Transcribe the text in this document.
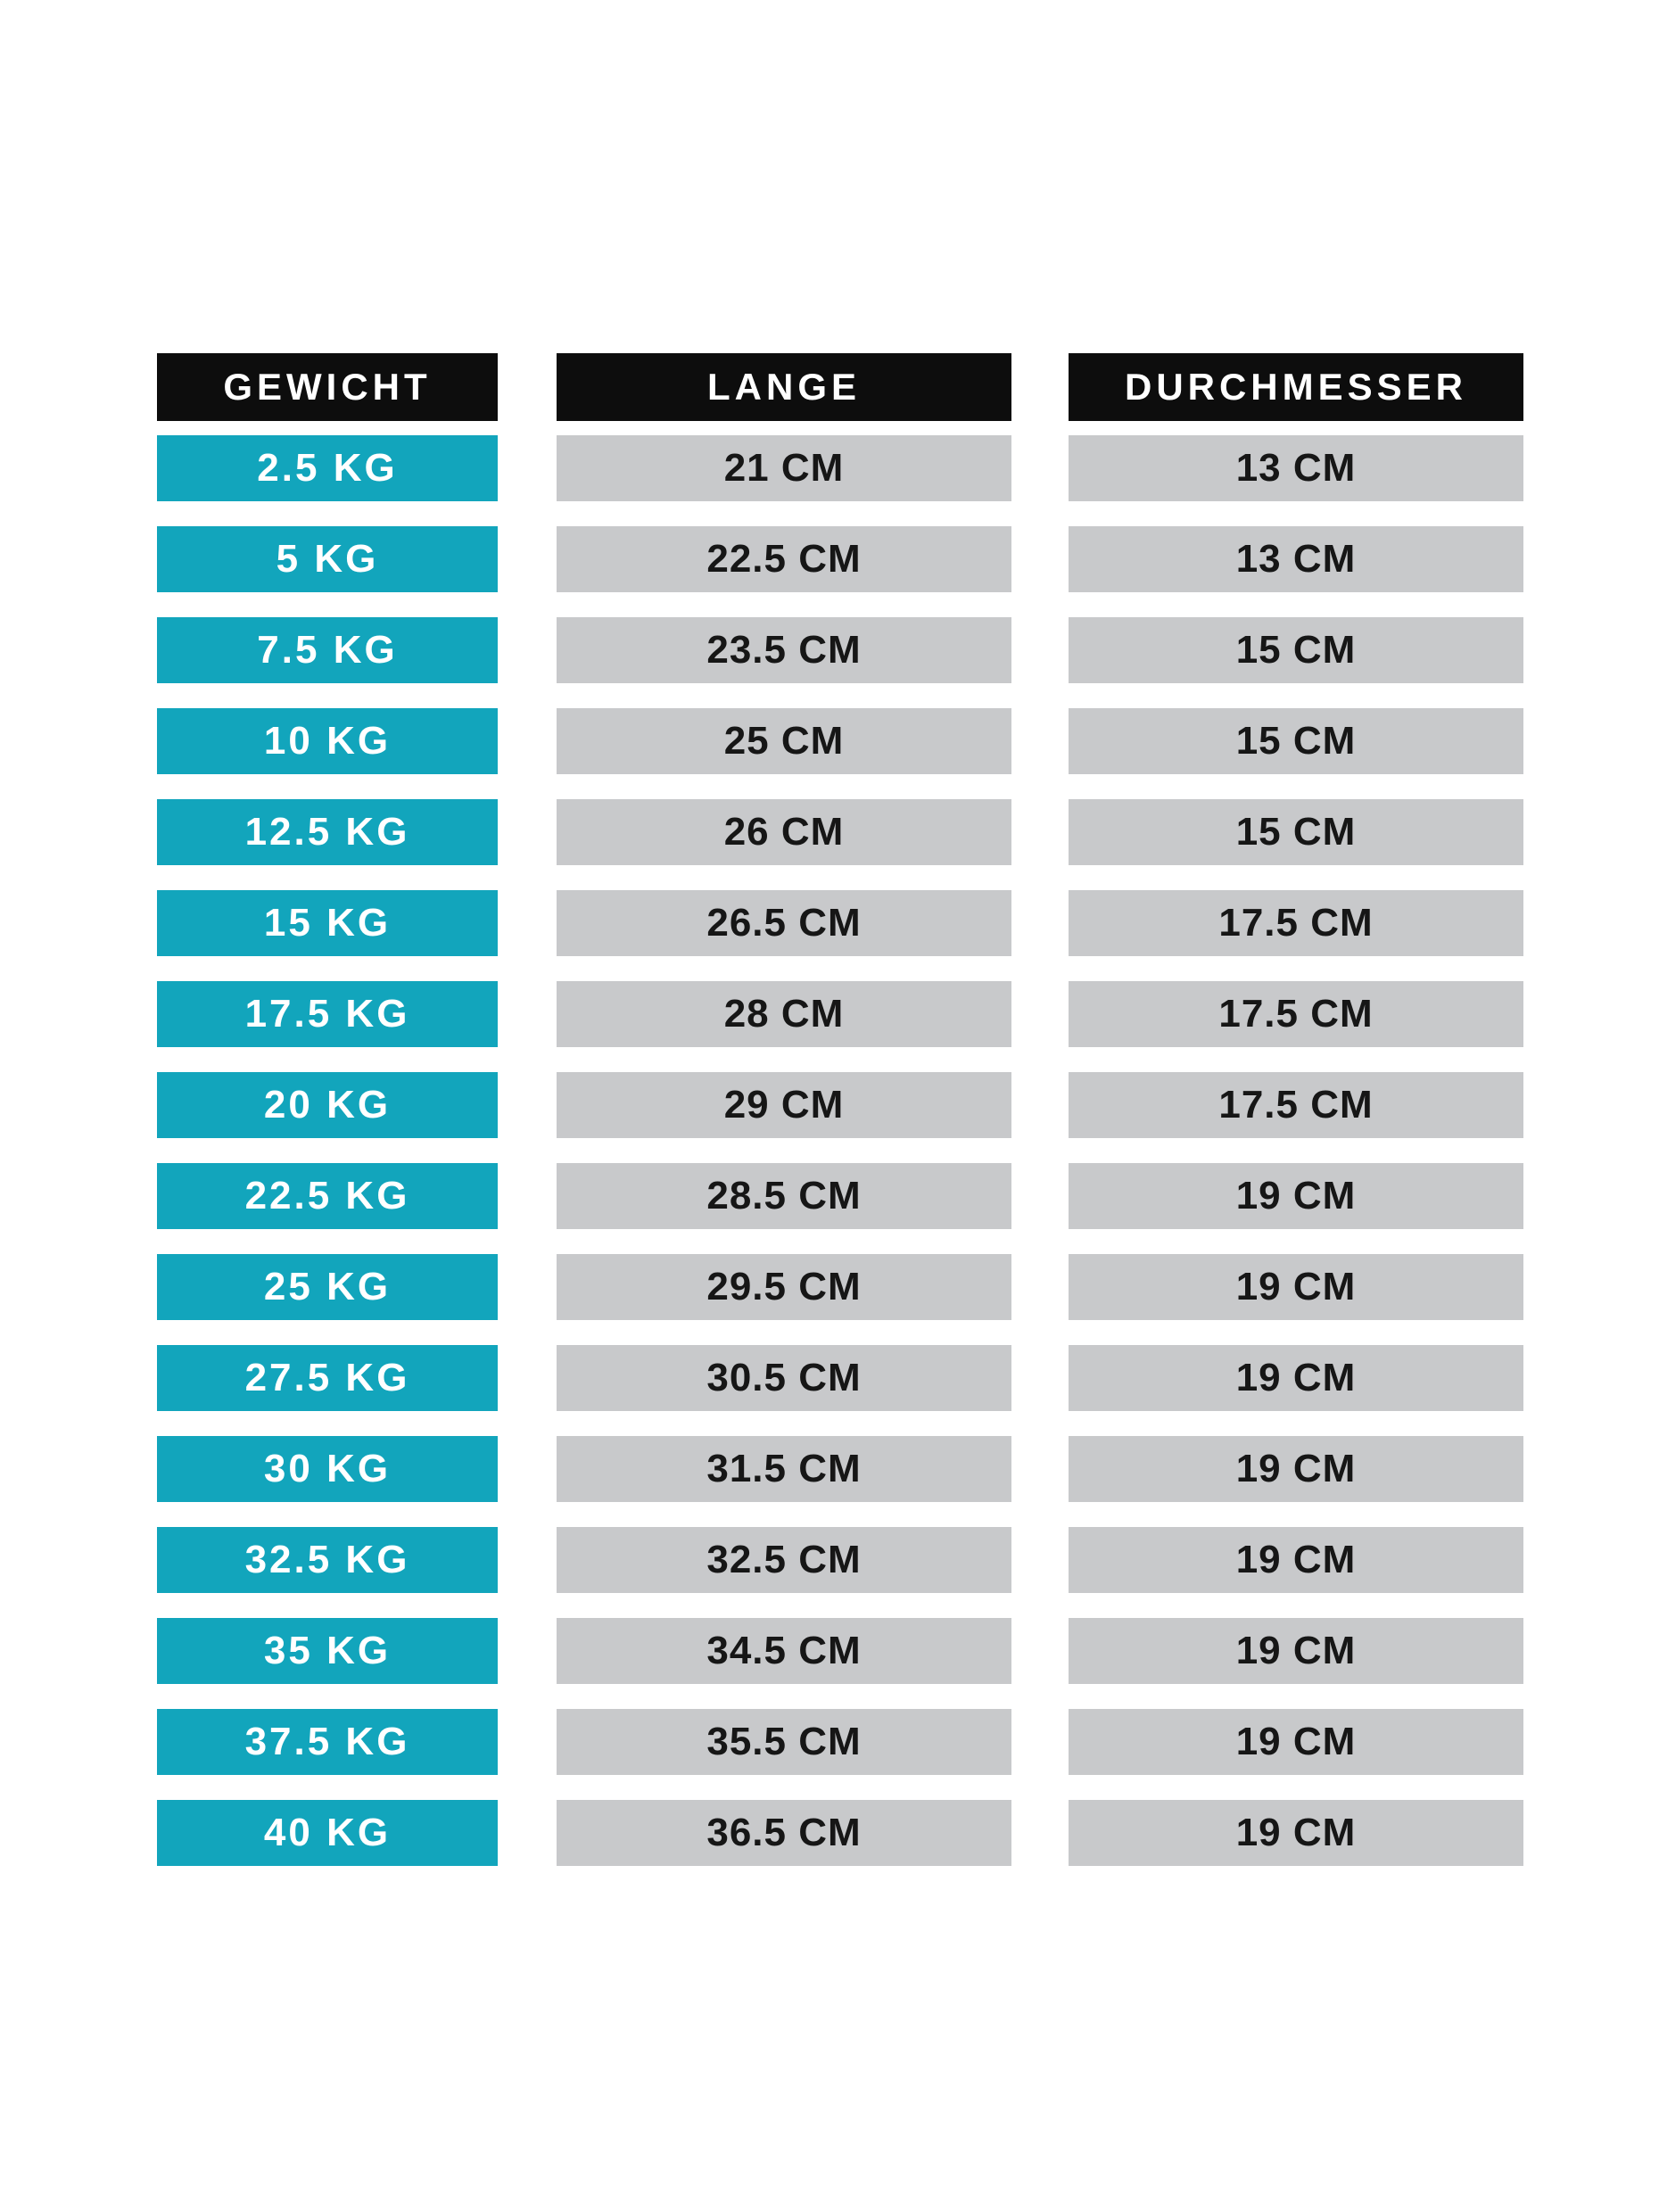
GEWICHT
2.5 KG
5 KG
7.5 KG
10 KG
12.5 KG
15 KG
17.5 KG
20 KG
22.5 KG
25 KG
27.5 KG
30 KG
32.5 KG
35 KG
37.5 KG
40 KG
LANGE
21 CM
22.5 CM
23.5 CM
25 CM
26 CM
26.5 CM
28 CM
29 CM
28.5 CM
29.5 CM
30.5 CM
31.5 CM
32.5 CM
34.5 CM
35.5 CM
36.5 CM
DURCHMESSER
13 CM
13 CM
15 CM
15 CM
15 CM
17.5 CM
17.5 CM
17.5 CM
19 CM
19 CM
19 CM
19 CM
19 CM
19 CM
19 CM
19 CM
